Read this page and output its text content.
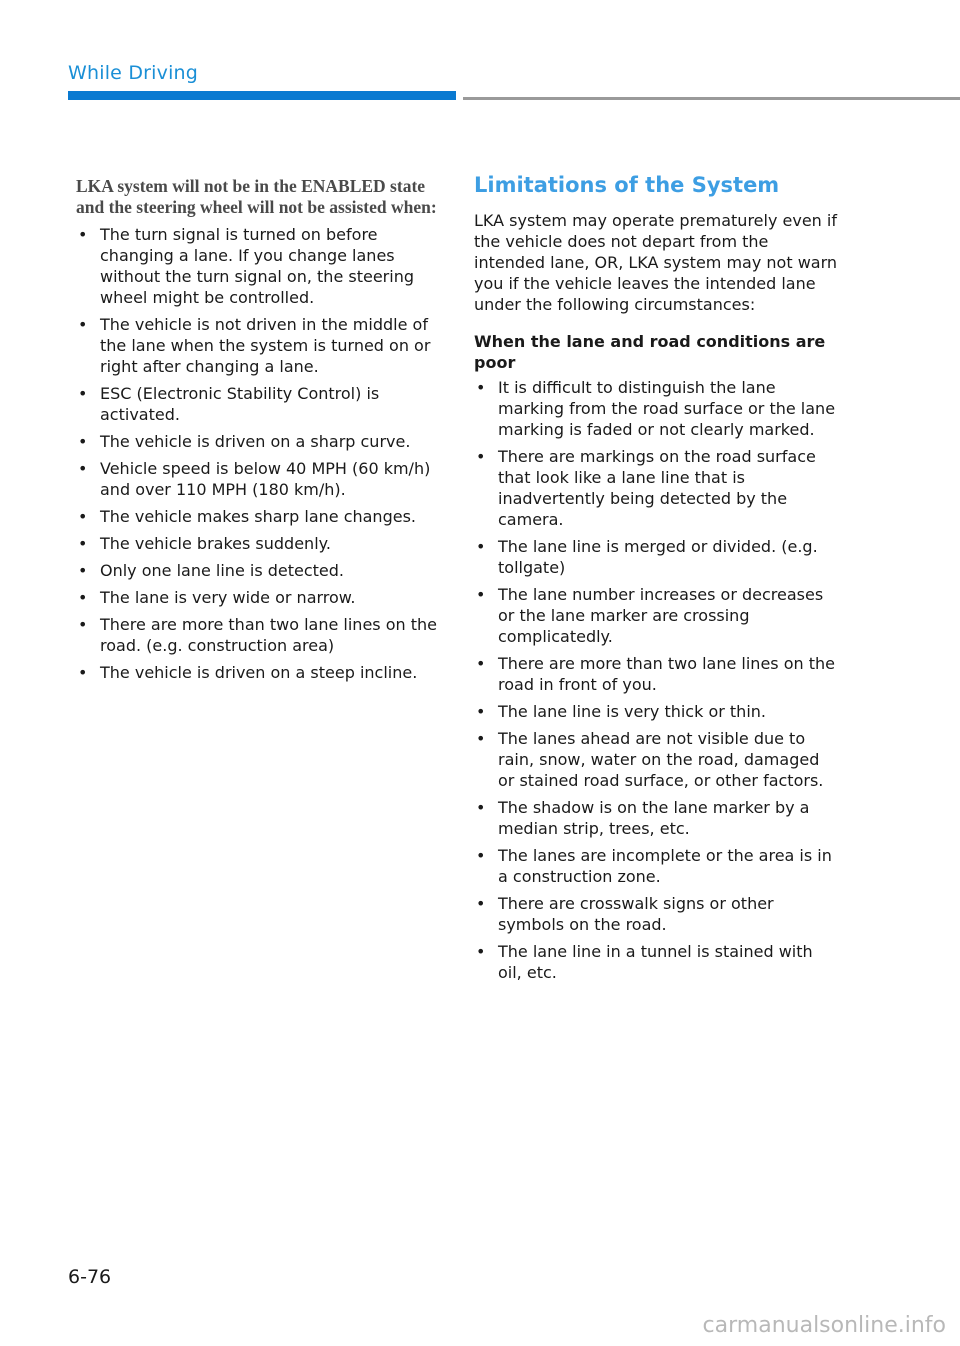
While Driving

LKA system will not be in the ENABLED state and the steering wheel will not be assisted when:

• The turn signal is turned on before changing a lane. If you change lanes without the turn signal on, the steering wheel might be controlled.
• The vehicle is not driven in the middle of the lane when the system is turned on or right after changing a lane.
• ESC (Electronic Stability Control) is activated.
• The vehicle is driven on a sharp curve.
• Vehicle speed is below 40 MPH (60 km/h) and over 110 MPH (180 km/h).
• The vehicle makes sharp lane changes.
• The vehicle brakes suddenly.
• Only one lane line is detected.
• The lane is very wide or narrow.
• There are more than two lane lines on the road. (e.g. construction area)
• The vehicle is driven on a steep incline.
Limitations of the System

LKA system may operate prematurely even if the vehicle does not depart from the intended lane, OR, LKA system may not warn you if the vehicle leaves the intended lane under the following circumstances:

When the lane and road conditions are poor

• It is difficult to distinguish the lane marking from the road surface or the lane marking is faded or not clearly marked.
• There are markings on the road surface that look like a lane line that is inadvertently being detected by the camera.
• The lane line is merged or divided. (e.g. tollgate)
• The lane number increases or decreases or the lane marker are crossing complicatedly.
• There are more than two lane lines on the road in front of you.
• The lane line is very thick or thin.
• The lanes ahead are not visible due to rain, snow, water on the road, damaged or stained road surface, or other factors.
• The shadow is on the lane marker by a median strip, trees, etc.
• The lanes are incomplete or the area is in a construction zone.
• There are crosswalk signs or other symbols on the road.
• The lane line in a tunnel is stained with oil, etc.
6-76
carmanualsonline.info
